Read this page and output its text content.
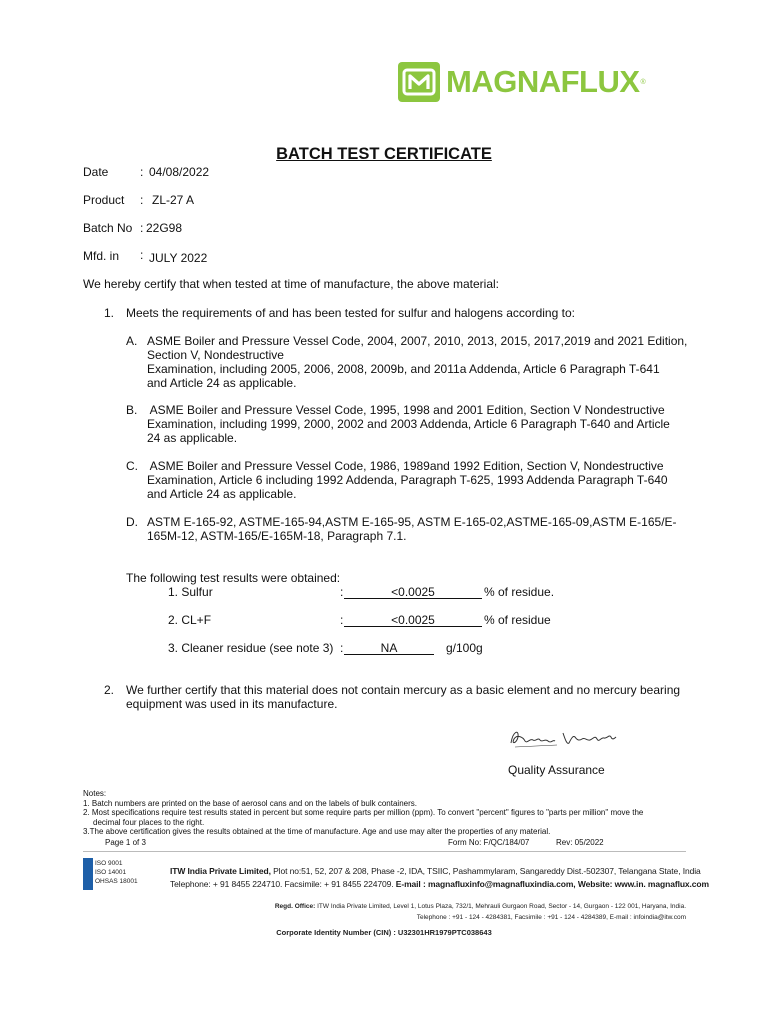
MAGNAFLUX ®
BATCH TEST CERTIFICATE
Date	: 04/08/2022
Product : ZL-27 A
Batch No : 22G98
Mfd. in : JULY 2022
We hereby certify that when tested at time of manufacture, the above material:
1. Meets the requirements of and has been tested for sulfur and halogens according to:
A. ASME Boiler and Pressure Vessel Code, 2004, 2007, 2010, 2013, 2015, 2017,2019 and 2021 Edition,
Section V, Nondestructive
Examination, including 2005, 2006, 2008, 2009b, and 2011a Addenda, Article 6 Paragraph T-641
and Article 24 as applicable.
B. ASME Boiler and Pressure Vessel Code, 1995, 1998 and 2001 Edition, Section V Nondestructive
Examination, including 1999, 2000, 2002 and 2003 Addenda, Article 6 Paragraph T-640 and Article
24 as applicable.
C. ASME Boiler and Pressure Vessel Code, 1986, 1989and 1992 Edition, Section V, Nondestructive
Examination, Article 6 including 1992 Addenda, Paragraph T-625, 1993 Addenda Paragraph T-640
and Article 24 as applicable.
D. ASTM E-165-92, ASTME-165-94,ASTM E-165-95, ASTM E-165-02,ASTME-165-09,ASTM E-165/E-
165M-12, ASTM-165/E-165M-18, Paragraph 7.1.
The following test results were obtained:
1. Sulfur	:	<0.0025	% of residue.
2. CL+F	:	<0.0025	% of residue
3. Cleaner residue (see note 3) :	NA	g/100g
2. We further certify that this material does not contain mercury as a basic element and no mercury bearing
equipment was used in its manufacture.
Quality Assurance
Notes:
1. Batch numbers are printed on the base of aerosol cans and on the labels of bulk containers.
2. Most specifications require test results stated in percent but some require parts per million (ppm). To convert "percent" figures to "parts per million" move the
decimal four places to the right.
3.The above certification gives the results obtained at the time of manufacture. Age and use may alter the properties of any material.
Page 1 of 3	Form No: F/QC/184/07	Rev: 05/2022
ISO 9001
ISO 14001
OHSAS 18001
ITW India Private Limited, Plot no:51, 52, 207 & 208, Phase -2, IDA, TSIIC, Pashammylaram, Sangareddy Dist.-502307, Telangana State, India
Telephone: + 91 8455 224710. Facsimile: + 91 8455 224709. E-mail : magnafluxinfo@magnafluxindia.com, Website: www.in. magnaflux.com
Regd. Office: ITW India Private Limited, Level 1, Lotus Plaza, 732/1, Mehrauli Gurgaon Road, Sector - 14, Gurgaon - 122 001, Haryana, India.
Telephone : +91 - 124 - 4284381, Facsimile : +91 - 124 - 4284389, E-mail : infoindia@itw.com
Corporate Identity Number (CIN) : U32301HR1979PTC038643
